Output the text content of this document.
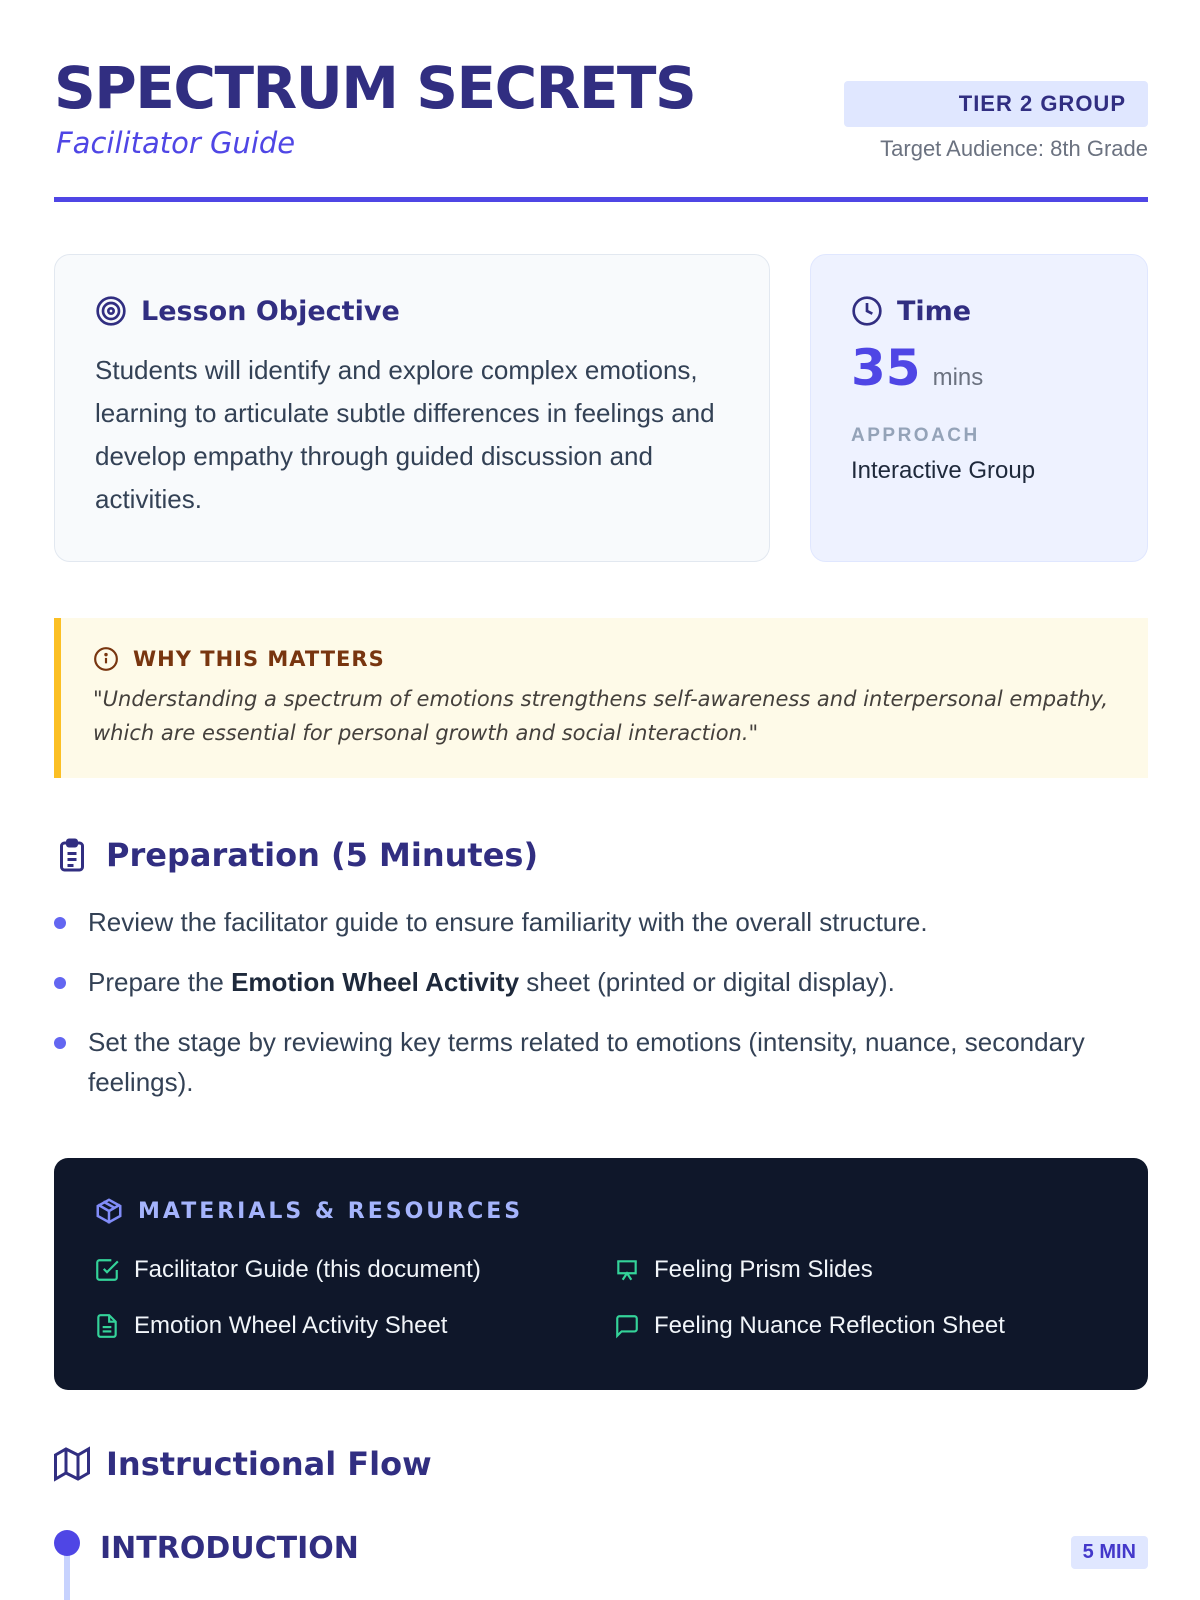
SPECTRUM SECRETS
Facilitator Guide
TIER 2 GROUP
Target Audience: 8th Grade
Lesson Objective

Students will identify and explore complex emotions, learning to articulate subtle differences in feelings and develop empathy through guided discussion and activities.

Time
35 mins
APPROACH
Interactive Group
WHY THIS MATTERS

"Understanding a spectrum of emotions strengthens self-awareness and interpersonal empathy, which are essential for personal growth and social interaction."

Preparation (5 Minutes)
Review the facilitator guide to ensure familiarity with the overall structure.
Prepare the Emotion Wheel Activity sheet (printed or digital display).
Set the stage by reviewing key terms related to emotions (intensity, nuance, secondary feelings).
MATERIALS & RESOURCES
Facilitator Guide (this document)	Feeling Prism Slides
Emotion Wheel Activity Sheet	Feeling Nuance Reflection Sheet
Instructional Flow
INTRODUCTION	5 MIN
